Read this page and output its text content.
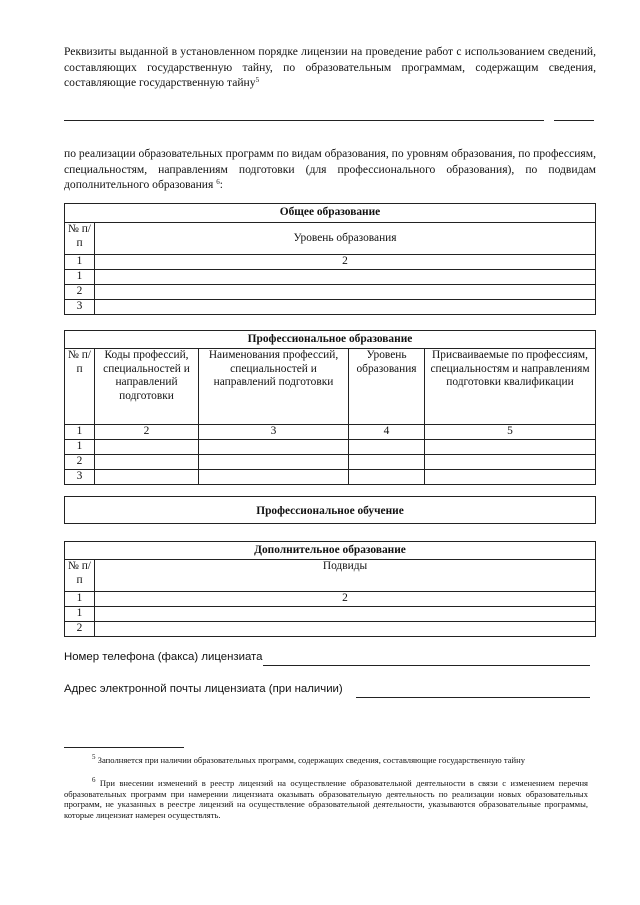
Реквизиты выданной в установленном порядке лицензии на проведение работ с использованием сведений, составляющих государственную тайну, по образовательным программам, содержащим сведения, составляющие государственную тайну$^5$

по реализации образовательных программ по видам образования, по уровням образования, по профессиям, специальностям, направлениям подготовки (для профессионального образования), по подвидам дополнительного образования $^6$:

Общее образование	
№ п/п	Уровень образования
1	2
1	
2	
3	
Профессиональное образование				
№ п/п	Коды профессий, специальностей и направлений подготовки	Наименования профессий, специальностей и направлений подготовки	Уровень образования	Присваиваемые по профессиям, специальностям и направлениям подготовки квалификации
1	2	3	4	5
1				
2				
3				
Профессиональное обучение
Дополнительное образование	
№ п/п	Подвиды
1	2
1	
2	
Номер телефона (факса) лицензиата
Адрес электронной почты лицензиата (при наличии)

$^5$ Заполняется при наличии образовательных программ, содержащих сведения, составляющие государственную тайну

$^6$ При внесении изменений в реестр лицензий на осуществление образовательной деятельности в связи с изменением перечня образовательных программ при намерении лицензиата оказывать образовательную деятельность по реализации новых образовательных программ, не указанных в реестре лицензий на осуществление образовательной деятельности, указываются образовательные программы, которые лицензиат намерен осуществлять.
